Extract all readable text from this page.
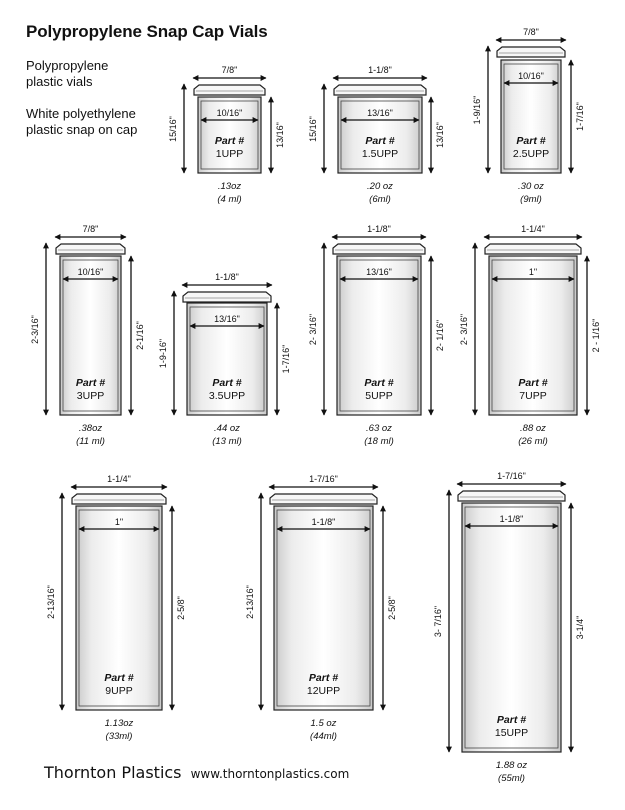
Polypropylene Snap Cap Vials
Polypropylene
plastic vials
White polyethylene
plastic snap on cap
7/8"
10/16"
15/16"	13/16"
Part #
1UPP
.13oz
(4 ml)
1-1/8"
13/16"
15/16"	13/16"
Part #
1.5UPP
.20 oz
(6ml)
7/8"
10/16"
1-9/16"	1-7/16"
Part #
2.5UPP
.30 oz
(9ml)
7/8"
10/16"
2-3/16"	2-1/16"
Part #
3UPP
.38oz
(11 ml)
1-1/8"
13/16"
1-9-16"	1-7/16"
Part #
3.5UPP
.44 oz
(13 ml)
1-1/8"
13/16"
2- 3/16"	2- 1/16"
Part #
5UPP
.63 oz
(18 ml)
1-1/4"
1"
2- 3/16"	2 - 1/16"
Part #
7UPP
.88 oz
(26 ml)
1-1/4"
1"
2-13/16"	2-5/8"
Part #
9UPP
1.13oz
(33ml)
1-7/16"
1-1/8"
2-13/16"	2-5/8"
Part #
12UPP
1.5 oz
(44ml)
1-7/16"
1-1/8"
3- 7/16"	3-1/4"
Part #
15UPP
1.88 oz
(55ml)
Thornton Plastics www.thorntonplastics.com
